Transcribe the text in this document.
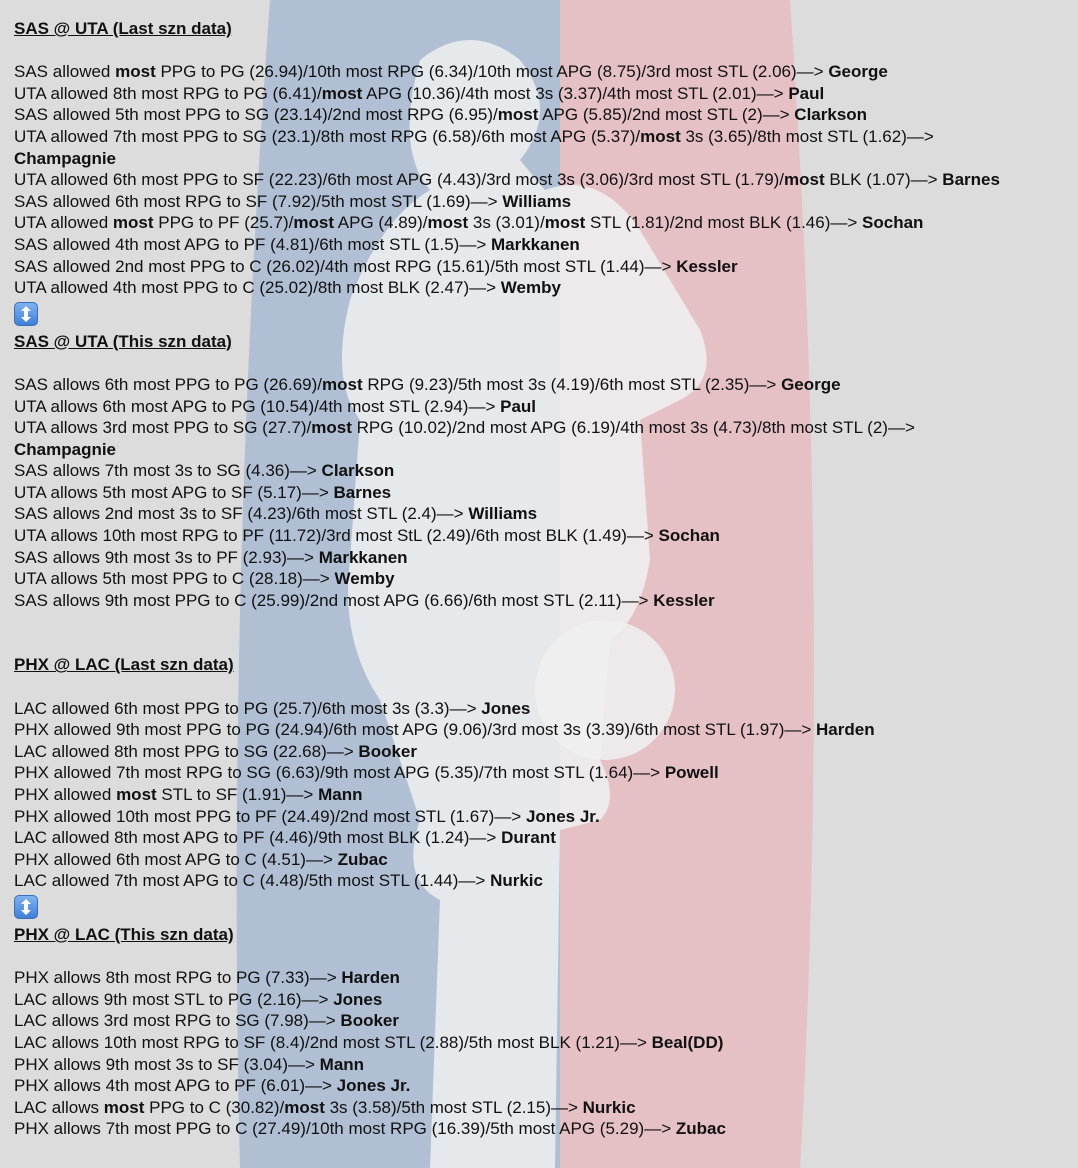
SAS @ UTA (Last szn data)
SAS allowed most PPG to PG (26.94)/10th most RPG (6.34)/10th most APG (8.75)/3rd most STL (2.06)—> George
UTA allowed 8th most RPG to PG (6.41)/most APG (10.36)/4th most 3s (3.37)/4th most STL (2.01)—> Paul
SAS allowed 5th most PPG to SG (23.14)/2nd most RPG (6.95)/most APG (5.85)/2nd most STL (2)—> Clarkson
UTA allowed 7th most PPG to SG (23.1)/8th most RPG (6.58)/6th most APG (5.37)/most 3s (3.65)/8th most STL (1.62)—>
Champagnie
UTA allowed 6th most PPG to SF (22.23)/6th most APG (4.43)/3rd most 3s (3.06)/3rd most STL (1.79)/most BLK (1.07)—> Barnes
SAS allowed 6th most RPG to SF (7.92)/5th most STL (1.69)—> Williams
UTA allowed most PPG to PF (25.7)/most APG (4.89)/most 3s (3.01)/most STL (1.81)/2nd most BLK (1.46)—> Sochan
SAS allowed 4th most APG to PF (4.81)/6th most STL (1.5)—> Markkanen
SAS allowed 2nd most PPG to C (26.02)/4th most RPG (15.61)/5th most STL (1.44)—> Kessler
UTA allowed 4th most PPG to C (25.02)/8th most BLK (2.47)—> Wemby
SAS @ UTA (This szn data)
SAS allows 6th most PPG to PG (26.69)/most RPG (9.23)/5th most 3s (4.19)/6th most STL (2.35)—> George
UTA allows 6th most APG to PG (10.54)/4th most STL (2.94)—> Paul
UTA allows 3rd most PPG to SG (27.7)/most RPG (10.02)/2nd most APG (6.19)/4th most 3s (4.73)/8th most STL (2)—>
Champagnie
SAS allows 7th most 3s to SG (4.36)—> Clarkson
UTA allows 5th most APG to SF (5.17)—> Barnes
SAS allows 2nd most 3s to SF (4.23)/6th most STL (2.4)—> Williams
UTA allows 10th most RPG to PF (11.72)/3rd most StL (2.49)/6th most BLK (1.49)—> Sochan
SAS allows 9th most 3s to PF (2.93)—> Markkanen
UTA allows 5th most PPG to C (28.18)—> Wemby
SAS allows 9th most PPG to C (25.99)/2nd most APG (6.66)/6th most STL (2.11)—> Kessler
PHX @ LAC (Last szn data)
LAC allowed 6th most PPG to PG (25.7)/6th most 3s (3.3)—> Jones
PHX allowed 9th most PPG to PG (24.94)/6th most APG (9.06)/3rd most 3s (3.39)/6th most STL (1.97)—> Harden
LAC allowed 8th most PPG to SG (22.68)—> Booker
PHX allowed 7th most RPG to SG (6.63)/9th most APG (5.35)/7th most STL (1.64)—> Powell
PHX allowed most STL to SF (1.91)—> Mann
PHX allowed 10th most PPG to PF (24.49)/2nd most STL (1.67)—> Jones Jr.
LAC allowed 8th most APG to PF (4.46)/9th most BLK (1.24)—> Durant
PHX allowed 6th most APG to C (4.51)—> Zubac
LAC allowed 7th most APG to C (4.48)/5th most STL (1.44)—> Nurkic
PHX @ LAC (This szn data)
PHX allows 8th most RPG to PG (7.33)—> Harden
LAC allows 9th most STL to PG (2.16)—> Jones
LAC allows 3rd most RPG to SG (7.98)—> Booker
LAC allows 10th most RPG to SF (8.4)/2nd most STL (2.88)/5th most BLK (1.21)—> Beal(DD)
PHX allows 9th most 3s to SF (3.04)—> Mann
PHX allows 4th most APG to PF (6.01)—> Jones Jr.
LAC allows most PPG to C (30.82)/most 3s (3.58)/5th most STL (2.15)—> Nurkic
PHX allows 7th most PPG to C (27.49)/10th most RPG (16.39)/5th most APG (5.29)—> Zubac
